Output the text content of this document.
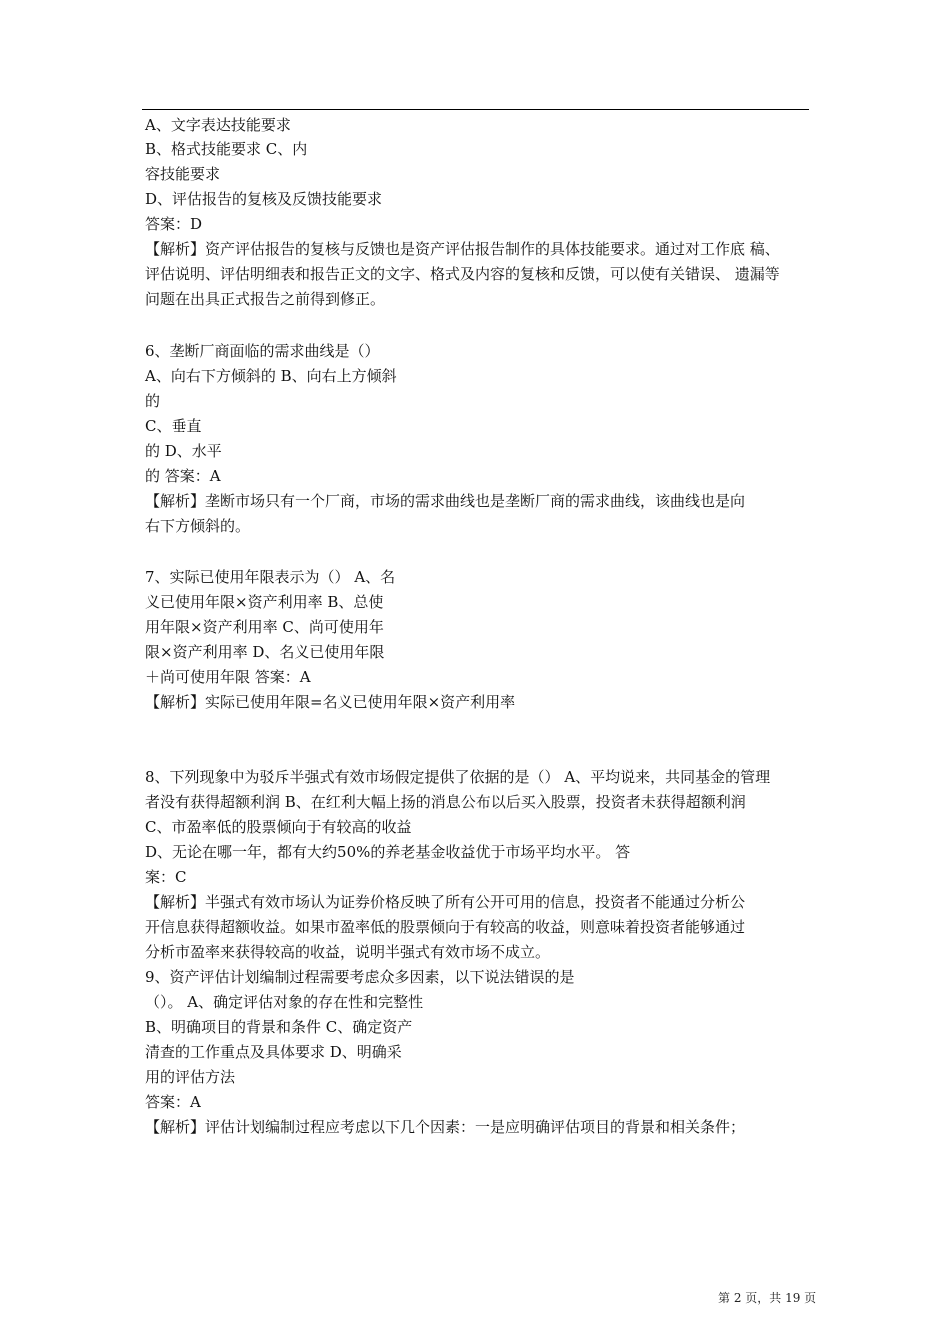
A、文字表达技能要求
B、格式技能要求 C、内
容技能要求
D、评估报告的复核及反馈技能要求
答案：D
【解析】资产评估报告的复核与反馈也是资产评估报告制作的具体技能要求。通过对工作底 稿、
评估说明、评估明细表和报告正文的文字、格式及内容的复核和反馈，可以使有关错误、 遗漏等
问题在出具正式报告之前得到修正。
6、垄断厂商面临的需求曲线是（）
A、向右下方倾斜的 B、向右上方倾斜
的
C、垂直
的 D、水平
的 答案：A
【解析】垄断市场只有一个厂商，市场的需求曲线也是垄断厂商的需求曲线，该曲线也是向
右下方倾斜的。
7、实际已使用年限表示为（） A、名
义已使用年限×资产利用率 B、总使
用年限×资产利用率 C、尚可使用年
限×资产利用率 D、名义已使用年限
＋尚可使用年限 答案：A
【解析】实际已使用年限=名义已使用年限×资产利用率
8、下列现象中为驳斥半强式有效市场假定提供了依据的是（） A、平均说来，共同基金的管理
者没有获得超额利润 B、在红利大幅上扬的消息公布以后买入股票，投资者未获得超额利润
C、市盈率低的股票倾向于有较高的收益
D、无论在哪一年，都有大约50%的养老基金收益优于市场平均水平。 答
案：C
【解析】半强式有效市场认为证券价格反映了所有公开可用的信息，投资者不能通过分析公
开信息获得超额收益。如果市盈率低的股票倾向于有较高的收益，则意味着投资者能够通过
分析市盈率来获得较高的收益，说明半强式有效市场不成立。
9、资产评估计划编制过程需要考虑众多因素，以下说法错误的是
（）。 A、确定评估对象的存在性和完整性
B、明确项目的背景和条件 C、确定资产
清查的工作重点及具体要求 D、明确采
用的评估方法
答案：A
【解析】评估计划编制过程应考虑以下几个因素：一是应明确评估项目的背景和相关条件；
第 2 页，共 19 页
